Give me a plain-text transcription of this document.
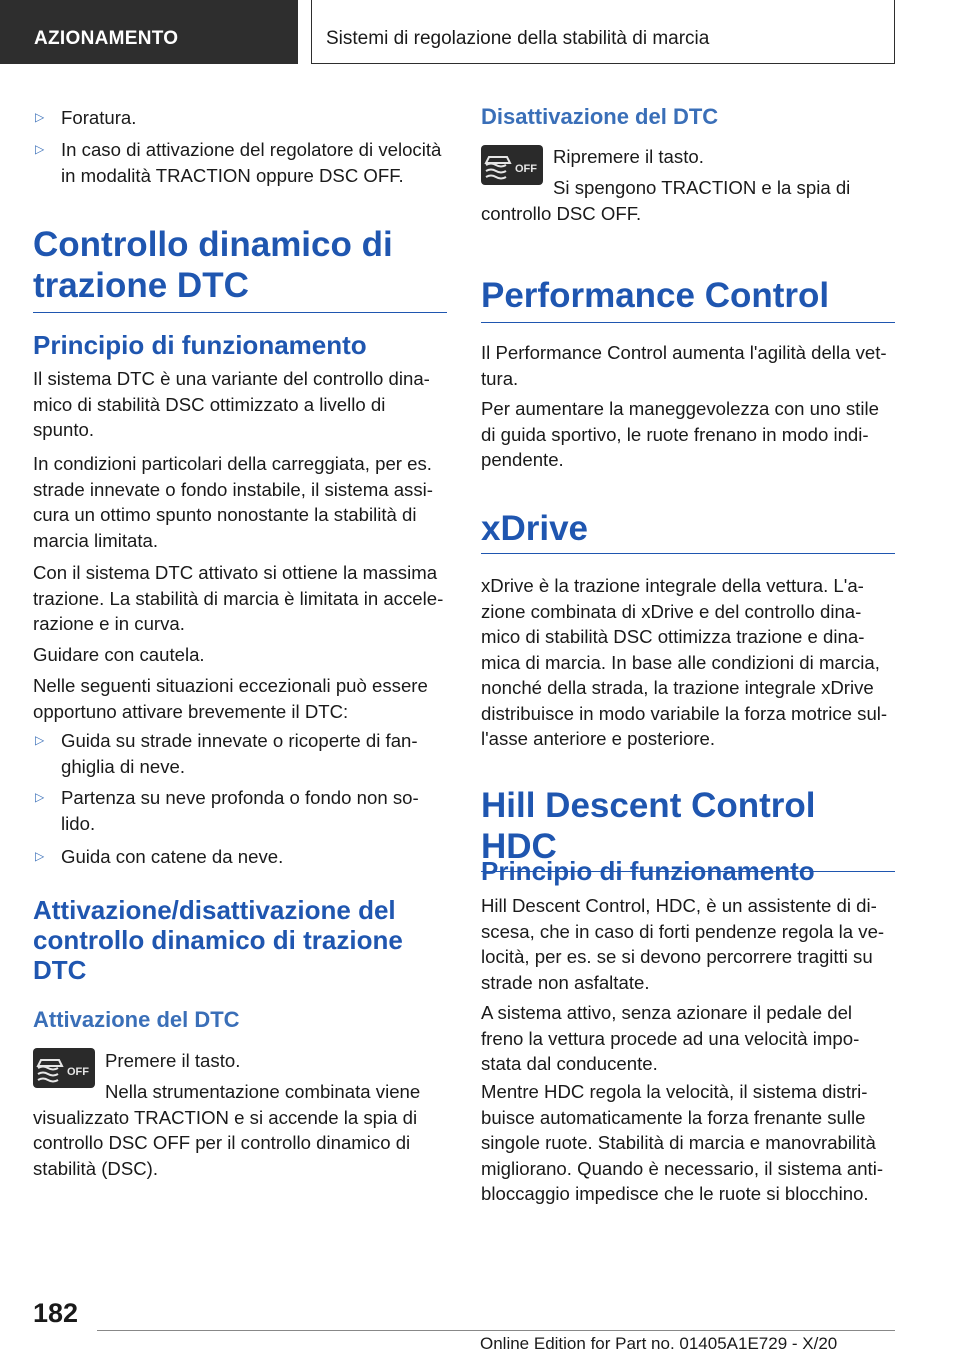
AZIONAMENTO	Sistemi di regolazione della stabilità di marcia
▷ Foratura.
▷ In caso di attivazione del regolatore di velocità in modalità TRACTION oppure DSC OFF.
Controllo dinamico di trazione DTC
Principio di funzionamento

Il sistema DTC è una variante del controllo dina-mico di stabilità DSC ottimizzato a livello di spunto.

In condizioni particolari della carreggiata, per es. strade innevate o fondo instabile, il sistema assi-cura un ottimo spunto nonostante la stabilità di marcia limitata.

Con il sistema DTC attivato si ottiene la massima trazione. La stabilità di marcia è limitata in accele-razione e in curva.

Guidare con cautela.

Nelle seguenti situazioni eccezionali può essere opportuno attivare brevemente il DTC:

▷ Guida su strade innevate o ricoperte di fan-ghiglia di neve.
▷ Partenza su neve profonda o fondo non so-lido.
▷ Guida con catene da neve.
Attivazione/disattivazione del controllo dinamico di trazione DTC
Attivazione del DTC
OFF

Premere il tasto.

Nella strumentazione combinata viene visualizzato TRACTION e si accende la spia di controllo DSC OFF per il controllo dinamico di stabilità (DSC).

Disattivazione del DTC
OFF

Ripremere il tasto.

Si spengono TRACTION e la spia di controllo DSC OFF.

Performance Control

Il Performance Control aumenta l'agilità della vet-tura.

Per aumentare la maneggevolezza con uno stile di guida sportivo, le ruote frenano in modo indi-pendente.

xDrive

xDrive è la trazione integrale della vettura. L'a-zione combinata di xDrive e del controllo dina-mico di stabilità DSC ottimizza trazione e dina-mica di marcia. In base alle condizioni di marcia, nonché della strada, la trazione integrale xDrive distribuisce in modo variabile la forza motrice sul-l'asse anteriore e posteriore.

Hill Descent Control HDC
Principio di funzionamento

Hill Descent Control, HDC, è un assistente di di-scesa, che in caso di forti pendenze regola la ve-locità, per es. se si devono percorrere tragitti su strade non asfaltate.

A sistema attivo, senza azionare il pedale del freno la vettura procede ad una velocità impo-stata dal conducente.

Mentre HDC regola la velocità, il sistema distri-buisce automaticamente la forza frenante sulle singole ruote. Stabilità di marcia e manovrabilità migliorano. Quando è necessario, il sistema anti-bloccaggio impedisce che le ruote si blocchino.

182
Online Edition for Part no. 01405A1E729 - X/20
